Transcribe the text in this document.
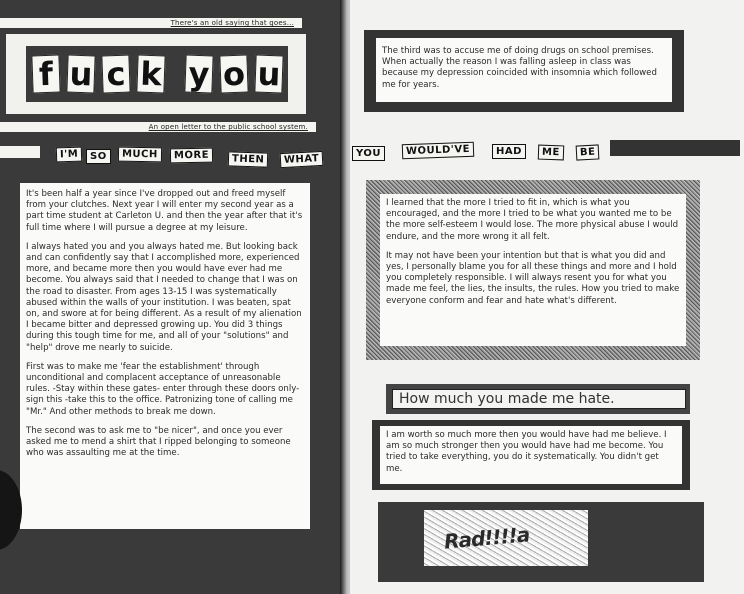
There's an old saying that goes...
f u c k y o u
An open letter to the public school system.
I'M	SO	MUCH	MORE	THEN	WHAT

It's been half a year since I've dropped out and freed myself from your clutches. Next year I will enter my second year as a part time student at Carleton U. and then the year after that it's full time where I will pursue a degree at my leisure.

I always hated you and you always hated me. But looking back and can confidently say that I accomplished more, experienced more, and became more then you would have ever had me become. You always said that I needed to change that I was on the road to disaster. From ages 13-15 I was systematically abused within the walls of your institution. I was beaten, spat on, and swore at for being different. As a result of my alienation I became bitter and depressed growing up. You did 3 things during this tough time for me, and all of your "solutions" and "help" drove me nearly to suicide.

First was to make me 'fear the establishment' through unconditional and complacent acceptance of unreasonable rules. -Stay within these gates- enter through these doors only- sign this -take this to the office. Patronizing tone of calling me "Mr." And other methods to break me down.

The second was to ask me to "be nicer", and once you ever asked me to mend a shirt that I ripped belonging to someone who was assaulting me at the time.

The third was to accuse me of doing drugs on school premises. When actually the reason I was falling asleep in class was because my depression coincided with insomnia which followed me for years.
YOU	WOULD'VE	HAD	ME	BE

I learned that the more I tried to fit in, which is what you encouraged, and the more I tried to be what you wanted me to be the more self-esteem I would lose. The more physical abuse I would endure, and the more wrong it all felt.

It may not have been your intention but that is what you did and yes, I personally blame you for all these things and more and I hold you completely responsible. I will always resent you for what you made me feel, the lies, the insults, the rules. How you tried to make everyone conform and fear and hate what's different.

How much you made me hate.
I am worth so much more then you would have had me believe. I am so much stronger then you would have had me become. You tried to take everything, you do it systematically. You didn't get me.
Rad!!!!a
